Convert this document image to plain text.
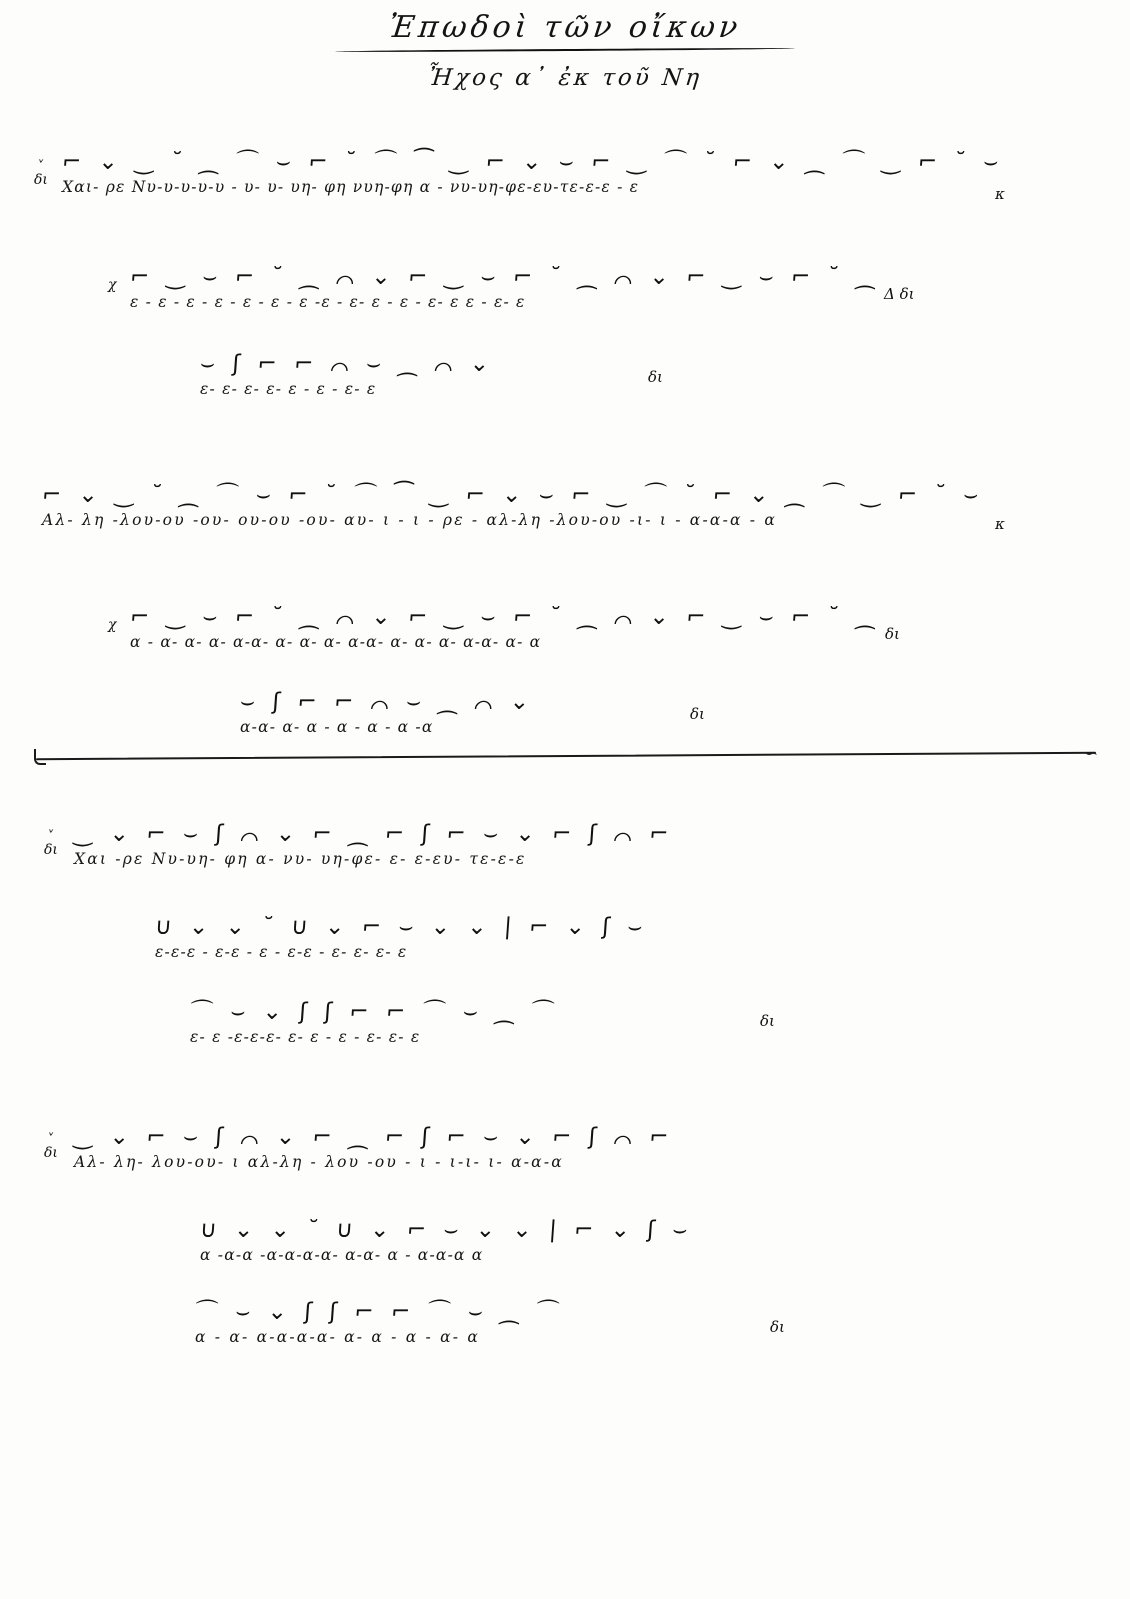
Ἐπωδοὶ τῶν οἴκων
Ἦχος α᾽ ἐκ τοῦ Νη
˅
δι
⌐ ⌄ ‿ ˘ ⁔ ⌒ ⌣ ⌐ ˘ ⌒ ⁀ ‿ ⌐ ⌄ ⌣ ⌐ ‿ ⌒ ˘ ⌐ ⌄ ⁔ ⌒ ‿ ⌐ ˘ ⌣
Χαι- ρε Νυ-υ-υ-υ-υ - υ- υ- υη- φη νυη-φη α - νυ-υη-φε-ευ-τε-ε-ε - ε	κ
χ ⌐ ‿ ⌣ ⌐ ˘ ⁔ ⌒ ⌄ ⌐ ‿ ⌣ ⌐ ˘ ⁔ ⌒ ⌄ ⌐ ‿ ⌣ ⌐ ˘ ⁔
ε - ε - ε - ε - ε - ε - ε -ε - ε- ε - ε - ε- ε ε - ε- ε	Δ δι
⌣ ʃ ⌐ ⌐ ⌒ ⌣ ⁔ ⌒ ⌄
ε- ε- ε- ε- ε - ε - ε- ε
δι
⌐ ⌄ ‿ ˘ ⁔ ⌒ ⌣ ⌐ ˘ ⌒ ⁀ ‿ ⌐ ⌄ ⌣ ⌐ ‿ ⌒ ˘ ⌐ ⌄ ⁔ ⌒ ‿ ⌐ ˘ ⌣
Αλ- λη -λου-ου -ου- ου-ου -ου- αυ- ι - ι - ρε - αλ-λη -λου-ου -ι- ι - α-α-α - α	κ
χ ⌐ ‿ ⌣ ⌐ ˘ ⁔ ⌒ ⌄ ⌐ ‿ ⌣ ⌐ ˘ ⁔ ⌒ ⌄ ⌐ ‿ ⌣ ⌐ ˘ ⁔
α - α- α- α- α-α- α- α- α- α-α- α- α- α- α-α- α- α	δι
⌣ ʃ ⌐ ⌐ ⌒ ⌣ ⁔ ⌒ ⌄
α-α- α- α - α - α - α -α
δι
∽
˅
δι
‿ ⌄ ⌐ ⌣ ʃ ⌒ ⌄ ⌐ ⁔ ⌐ ʃ ⌐ ⌣ ⌄ ⌐ ʃ ⌒ ⌐
Χαι -ρε Νυ-υη- φη α- νυ- υη-φε- ε- ε-ευ- τε-ε-ε
∪ ⌄ ⌄ ˘ ∪ ⌄ ⌐ ⌣ ⌄ ⌄ | ⌐ ⌄ ʃ ⌣
ε-ε-ε - ε-ε - ε - ε-ε - ε- ε- ε- ε
⌒ ⌣ ⌄ ʃ ʃ ⌐ ⌐ ⌒ ⌣ ⁔ ⌒
ε- ε -ε-ε-ε- ε- ε - ε - ε- ε- ε
δι
˅
δι
‿ ⌄ ⌐ ⌣ ʃ ⌒ ⌄ ⌐ ⁔ ⌐ ʃ ⌐ ⌣ ⌄ ⌐ ʃ ⌒ ⌐
Αλ- λη- λου-ου- ι αλ-λη - λου -ου - ι - ι-ι- ι- α-α-α
∪ ⌄ ⌄ ˘ ∪ ⌄ ⌐ ⌣ ⌄ ⌄ | ⌐ ⌄ ʃ ⌣
α -α-α -α-α-α-α- α-α- α - α-α-α α
⌒ ⌣ ⌄ ʃ ʃ ⌐ ⌐ ⌒ ⌣ ⁔ ⌒
α - α- α-α-α-α- α- α - α - α- α
δι
